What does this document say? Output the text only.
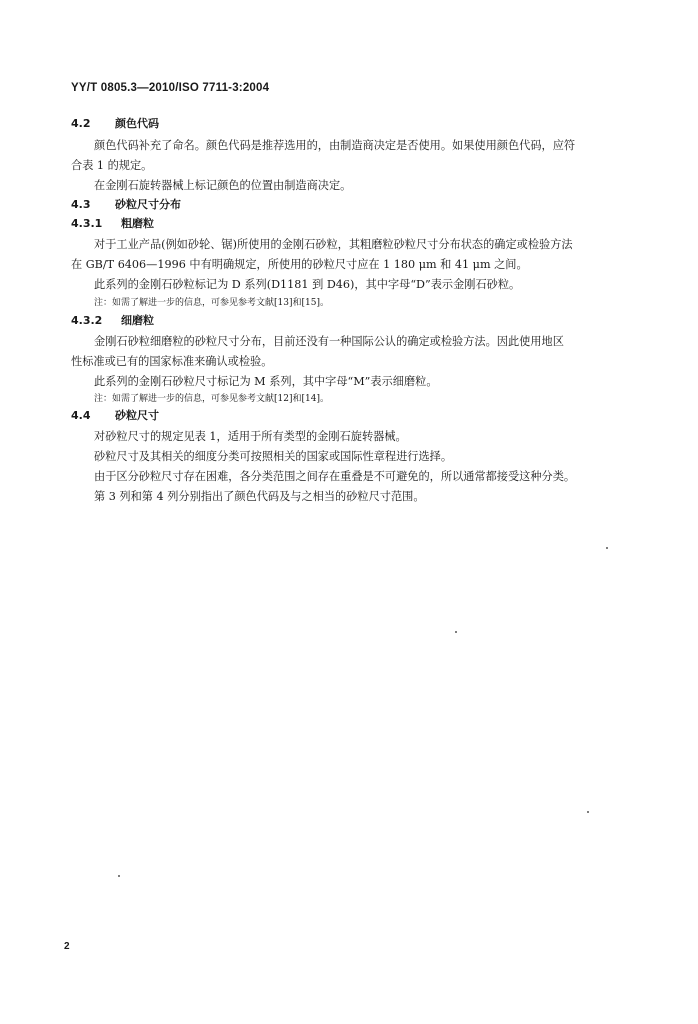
YY/T 0805.3—2010/ISO 7711-3:2004
4.2 颜色代码
颜色代码补充了命名。颜色代码是推荐选用的，由制造商决定是否使用。如果使用颜色代码，应符
合表 1 的规定。
在金刚石旋转器械上标记颜色的位置由制造商决定。
4.3 砂粒尺寸分布
4.3.1 粗磨粒
对于工业产品(例如砂轮、锯)所使用的金刚石砂粒，其粗磨粒砂粒尺寸分布状态的确定或检验方法
在 GB/T 6406—1996 中有明确规定，所使用的砂粒尺寸应在 1 180 μm 和 41 μm 之间。
此系列的金刚石砂粒标记为 D 系列(D1181 到 D46)，其中字母“D”表示金刚石砂粒。
注：如需了解进一步的信息，可参见参考文献[13]和[15]。
4.3.2 细磨粒
金刚石砂粒细磨粒的砂粒尺寸分布，目前还没有一种国际公认的确定或检验方法。因此使用地区
性标准或已有的国家标准来确认或检验。
此系列的金刚石砂粒尺寸标记为 M 系列，其中字母“M”表示细磨粒。
注：如需了解进一步的信息，可参见参考文献[12]和[14]。
4.4 砂粒尺寸
对砂粒尺寸的规定见表 1，适用于所有类型的金刚石旋转器械。
砂粒尺寸及其相关的细度分类可按照相关的国家或国际性章程进行选择。
由于区分砂粒尺寸存在困难，各分类范围之间存在重叠是不可避免的，所以通常都接受这种分类。
第 3 列和第 4 列分别指出了颜色代码及与之相当的砂粒尺寸范围。
2
